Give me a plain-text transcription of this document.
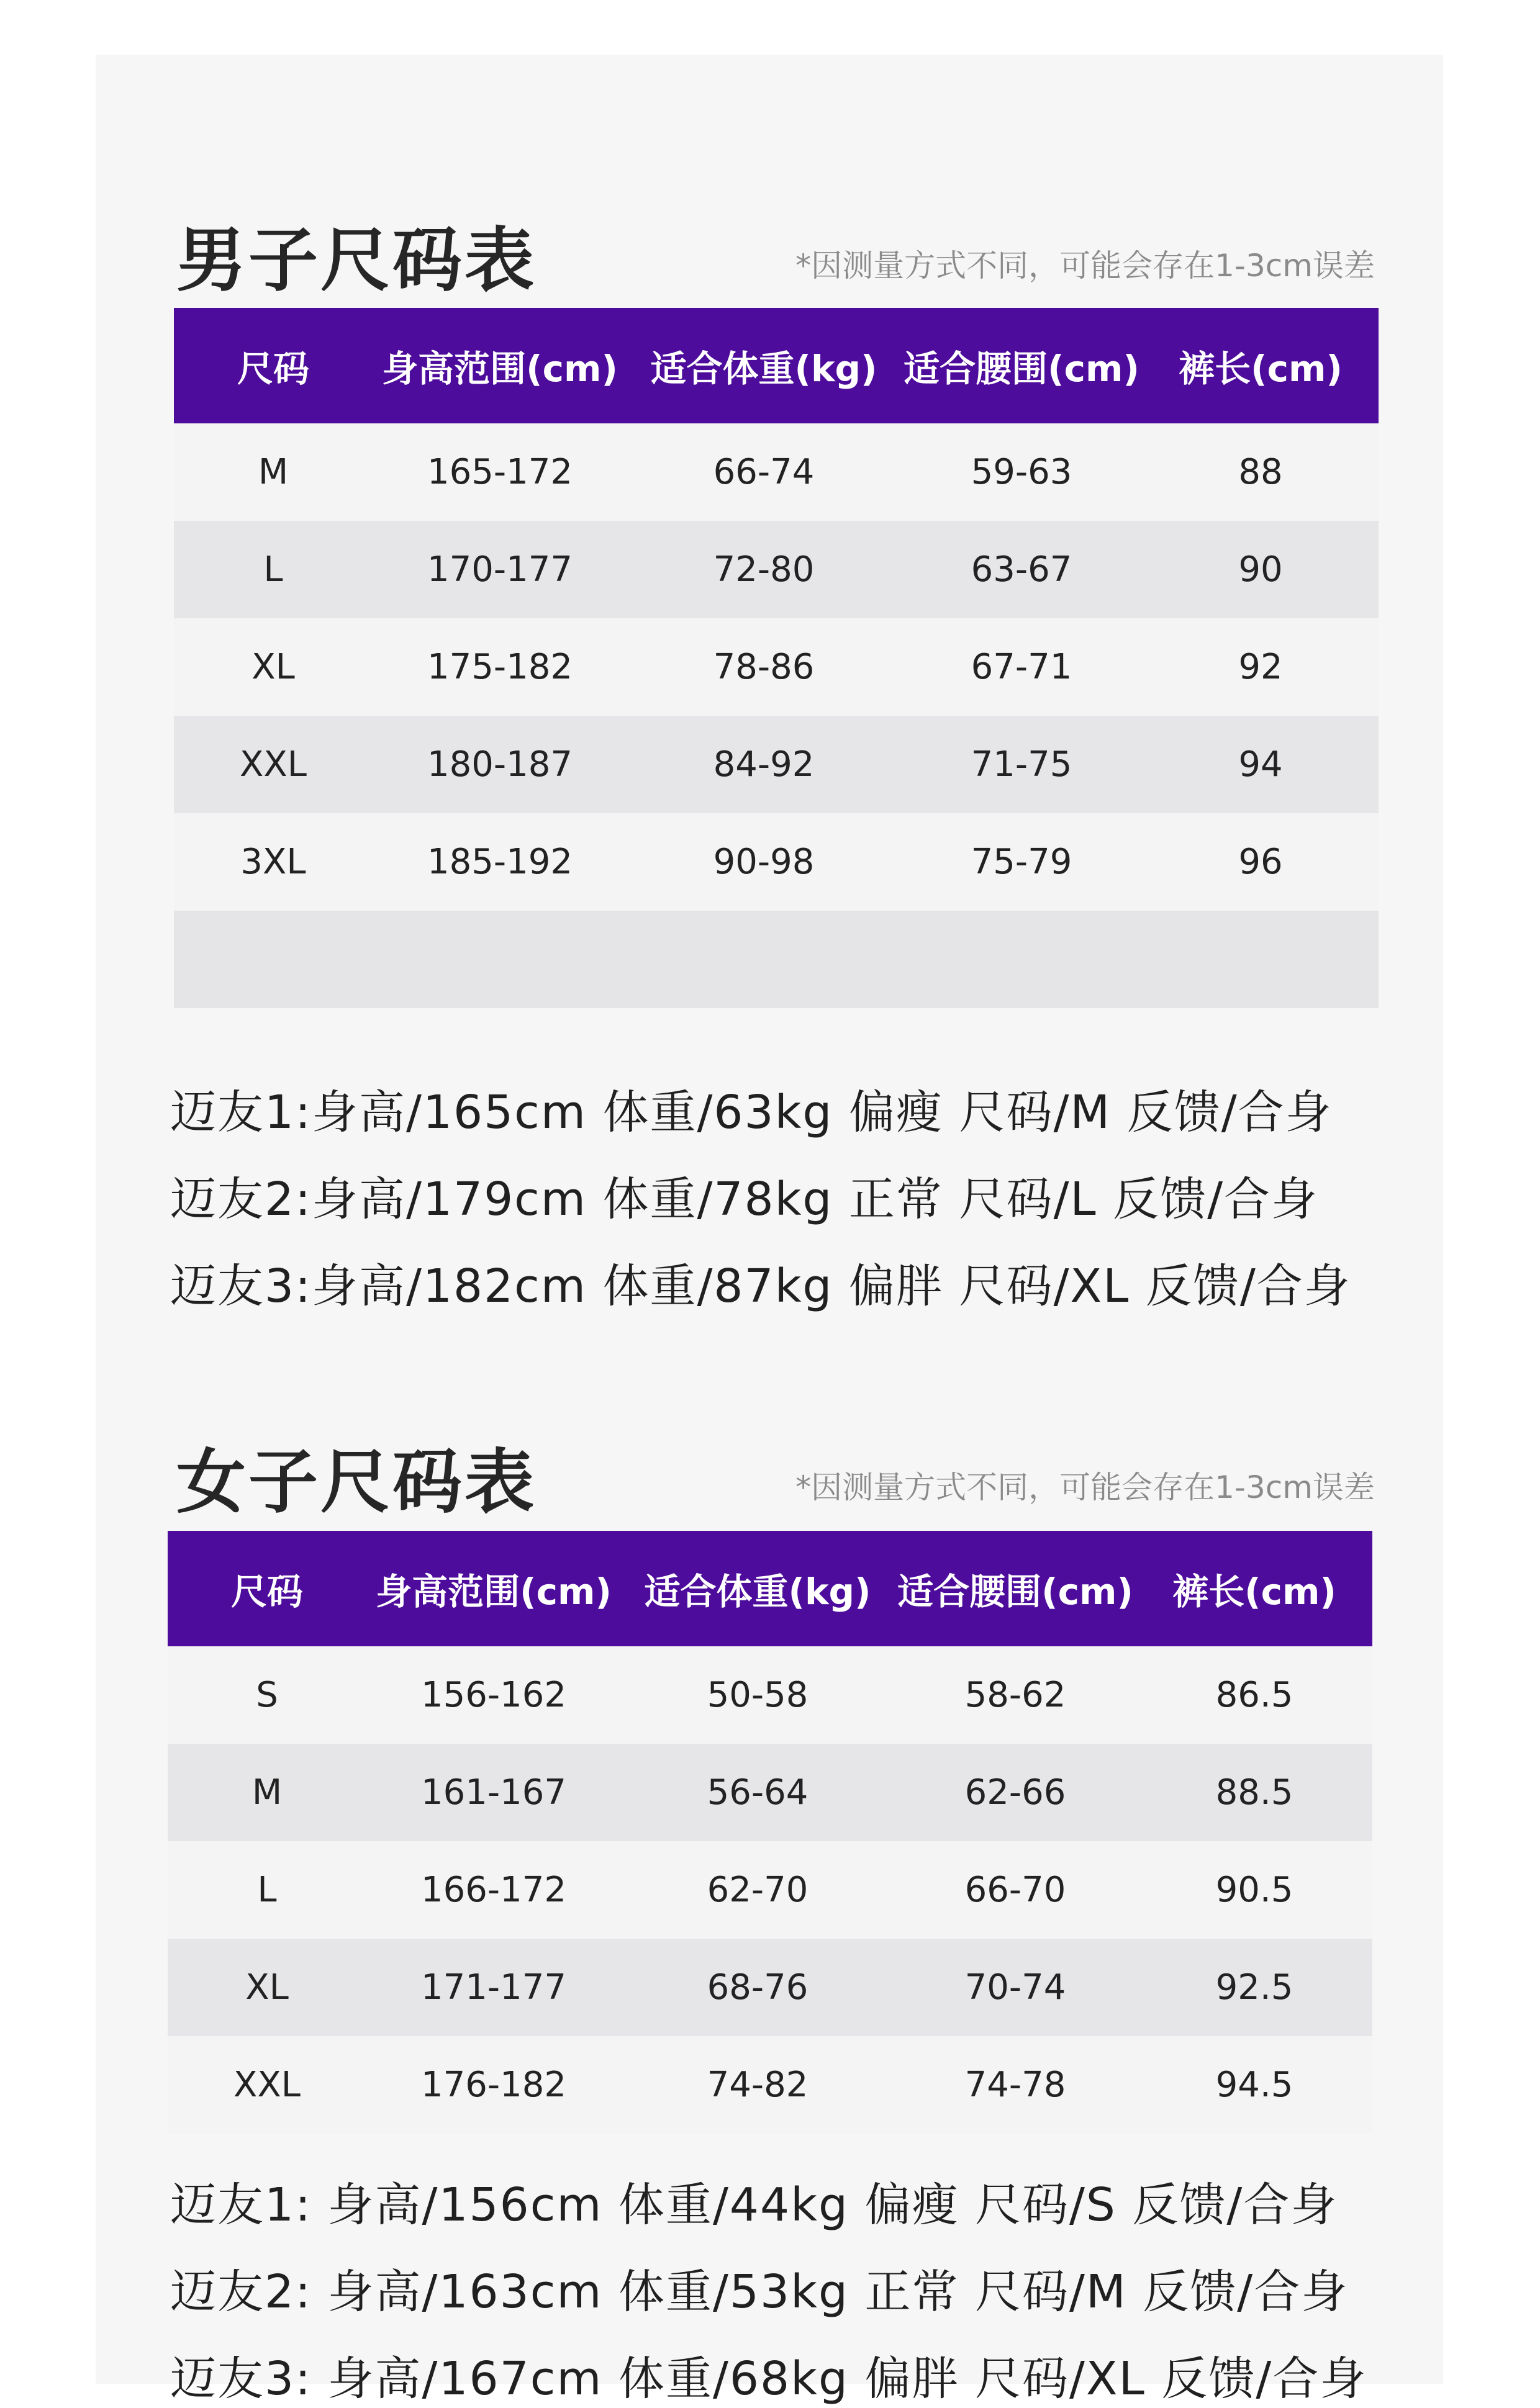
男子尺码表	*因测量方式不同，可能会存在1-3cm误差
尺码	身高范围(cm) 适合体重(kg) 适合腰围(cm)	裤长(cm)
M	165-172	66-74	59-63	88
L	170-177	72-80	63-67	90
XL	175-182	78-86	67-71	92
XXL	180-187	84-92	71-75	94
3XL	185-192	90-98	75-79	96
迈友1:身高/165cm 体重/63kg 偏瘦 尺码/M 反馈/合身
迈友2:身高/179cm 体重/78kg 正常 尺码/L 反馈/合身
迈友3:身高/182cm 体重/87kg 偏胖 尺码/XL 反馈/合身
女子尺码表	*因测量方式不同，可能会存在1-3cm误差
尺码	身高范围(cm) 适合体重(kg) 适合腰围(cm)	裤长(cm)
S	156-162	50-58	58-62	86.5
M	161-167	56-64	62-66	88.5
L	166-172	62-70	66-70	90.5
XL	171-177	68-76	70-74	92.5
XXL	176-182	74-82	74-78	94.5
迈友1: 身高/156cm 体重/44kg 偏瘦 尺码/S 反馈/合身
迈友2: 身高/163cm 体重/53kg 正常 尺码/M 反馈/合身
迈友3: 身高/167cm 体重/68kg 偏胖 尺码/XL 反馈/合身
